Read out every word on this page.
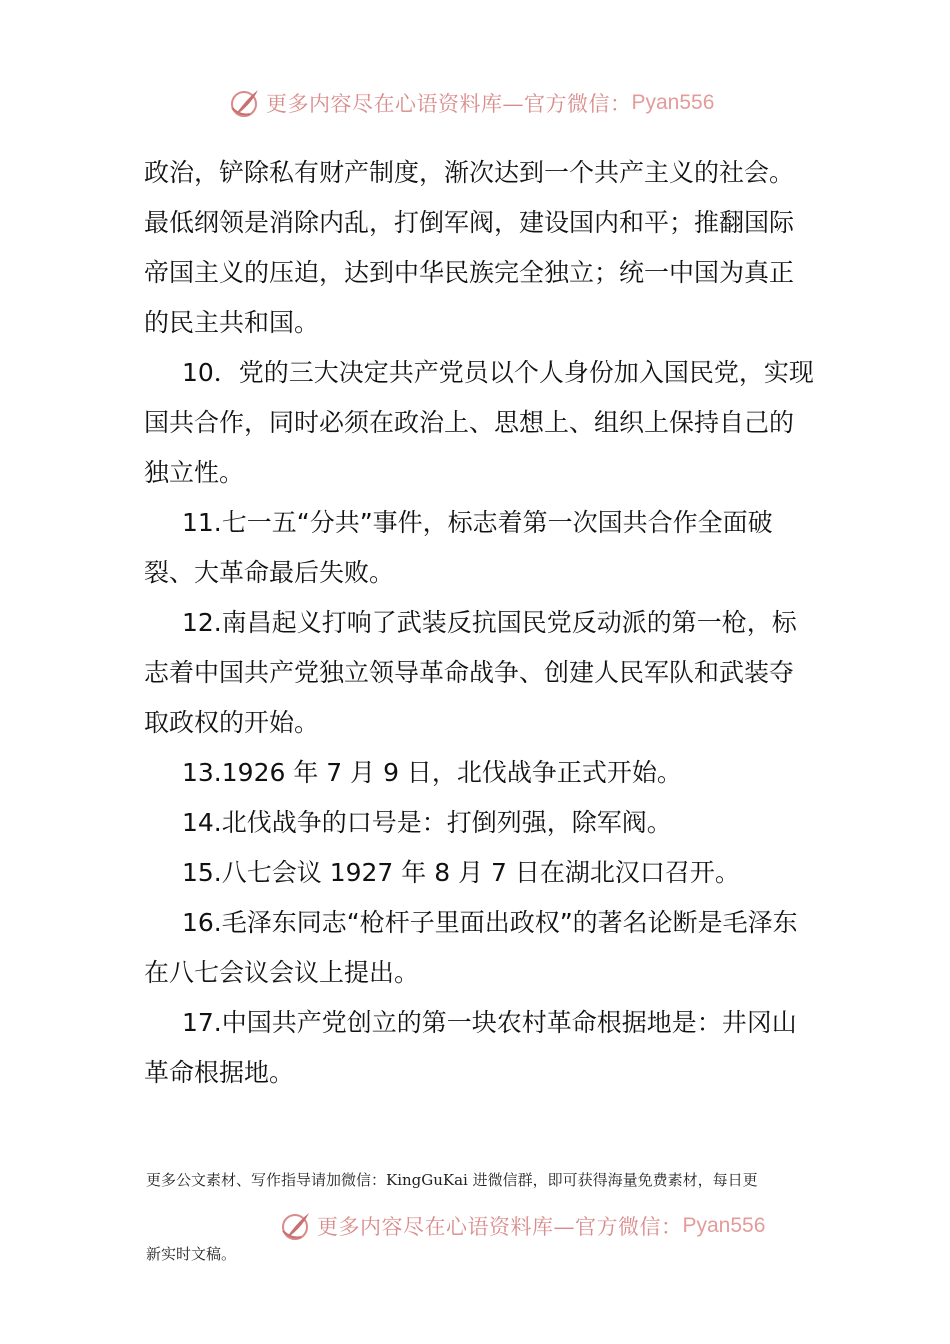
更多内容尽在心语资料库—官方微信： Pyan556

政治，铲除私有财产制度，渐次达到一个共产主义的社会。最低纲领是消除内乱，打倒军阀，建设国内和平；推翻国际帝国主义的压迫，达到中华民族完全独立；统一中国为真正的民主共和国。

10．党的三大决定共产党员以个人身份加入国民党，实现国共合作，同时必须在政治上、思想上、组织上保持自己的独立性。

11.七一五“分共”事件，标志着第一次国共合作全面破裂、大革命最后失败。

12.南昌起义打响了武装反抗国民党反动派的第一枪，标志着中国共产党独立领导革命战争、创建人民军队和武装夺取政权的开始。

13.1926 年 7 月 9 日，北伐战争正式开始。

14.北伐战争的口号是：打倒列强，除军阀。

15.八七会议 1927 年 8 月 7 日在湖北汉口召开。

16.毛泽东同志“枪杆子里面出政权”的著名论断是毛泽东在八七会议会议上提出。

17.中国共产党创立的第一块农村革命根据地是：井冈山革命根据地。

更多公文素材、写作指导请加微信：KingGuKai 进微信群，即可获得海量免费素材，每日更
新实时文稿。
更多内容尽在心语资料库—官方微信： Pyan556
